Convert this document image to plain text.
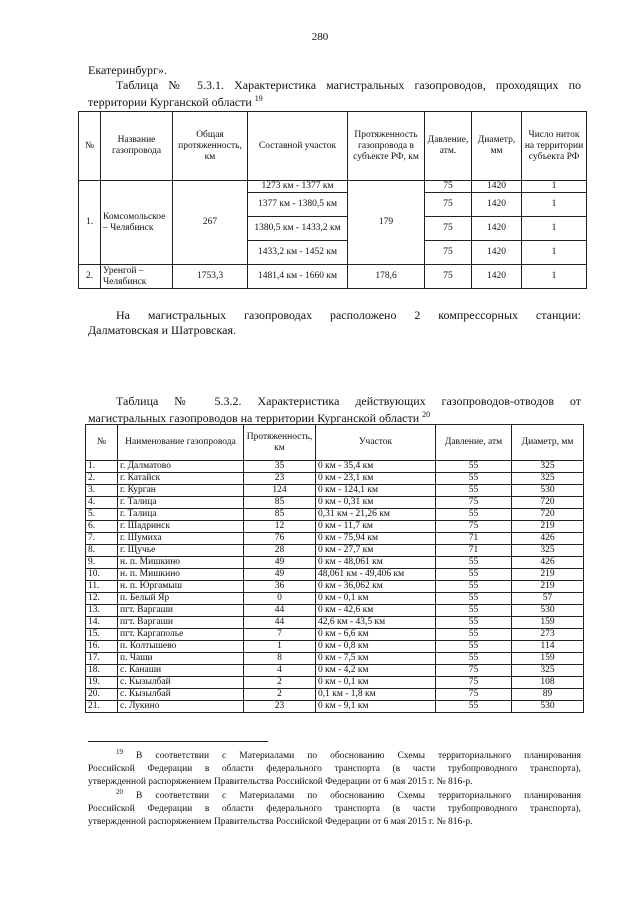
280
Екатеринбург».
Таблица № 5.3.1. Характеристика магистральных газопроводов, проходящих по
территории Курганской области $^{19}$
№	Название газопровода	Общая протяженность, км	Составной участок	Протяженность газопровода в субъекте РФ, км	Давление, атм.	Диаметр, мм	Число ниток на территории субъекта РФ
1.	Комсомольское – Челябинск	267	1273 км - 1377 км	179	75	1420	1
			1377 км - 1380,5 км		75	1420	1
			1380,5 км - 1433,2 км		75	1420	1
			1433,2 км - 1452 км		75	1420	1
2.	Уренгой – Челябинск	1753,3	1481,4 км - 1660 км	178,6	75	1420	1
На магистральных газопроводах расположено 2 компрессорных станции:
Далматовская и Шатровская.
Таблица № 5.3.2. Характеристика действующих газопроводов-отводов от
магистральных газопроводов на территории Курганской области $^{20}$
№	Наименование газопровода	Протяженность, км	Участок	Давление, атм	Диаметр, мм
1.	г. Далматово	35	0 км - 35,4 км	55	325
2.	г. Катайск	23	0 км - 23,1 км	55	325
3.	г. Курган	124	0 км - 124,1 км	55	530
4.	г. Талица	85	0 км - 0,31 км	75	720
5.	г. Талица	85	0,31 км - 21,26 км	55	720
6.	г. Шадринск	12	0 км - 11,7 км	75	219
7.	г. Шумиха	76	0 км - 75,94 км	71	426
8.	г. Щучье	28	0 км - 27,7 км	71	325
9.	н. п. Мишкино	49	0 км - 48,061 км	55	426
10.	н. п. Мишкино	49	48,061 км - 49,406 км	55	219
11.	н. п. Юргамыш	36	0 км - 36,062 км	55	219
12.	п. Белый Яр	0	0 км - 0,1 км	55	57
13.	пгт. Варгаши	44	0 км - 42,6 км	55	530
14.	пгт. Варгаши	44	42,6 км - 43,5 км	55	159
15.	пгт. Каргаполье	7	0 км - 6,6 км	55	273
16.	п. Колтышево	1	0 км - 0,8 км	55	114
17.	п. Чаши	8	0 км - 7,5 км	55	159
18.	с. Канаши	4	0 км - 4,2 км	75	325
19.	с. Кызылбай	2	0 км - 0,1 км	75	108
20.	с. Кызылбай	2	0,1 км - 1,8 км	75	89
21.	с. Лукино	23	0 км - 9,1 км	55	530
$^{19}$ В соответствии с Материалами по обоснованию Схемы территориального планирования
Российской Федерации в области федерального транспорта (в части трубопроводного транспорта),
утвержденной распоряжением Правительства Российской Федерации от 6 мая 2015 г. № 816-р.
$^{20}$ В соответствии с Материалами по обоснованию Схемы территориального планирования
Российской Федерации в области федерального транспорта (в части трубопроводного транспорта),
утвержденной распоряжением Правительства Российской Федерации от 6 мая 2015 г. № 816-р.
